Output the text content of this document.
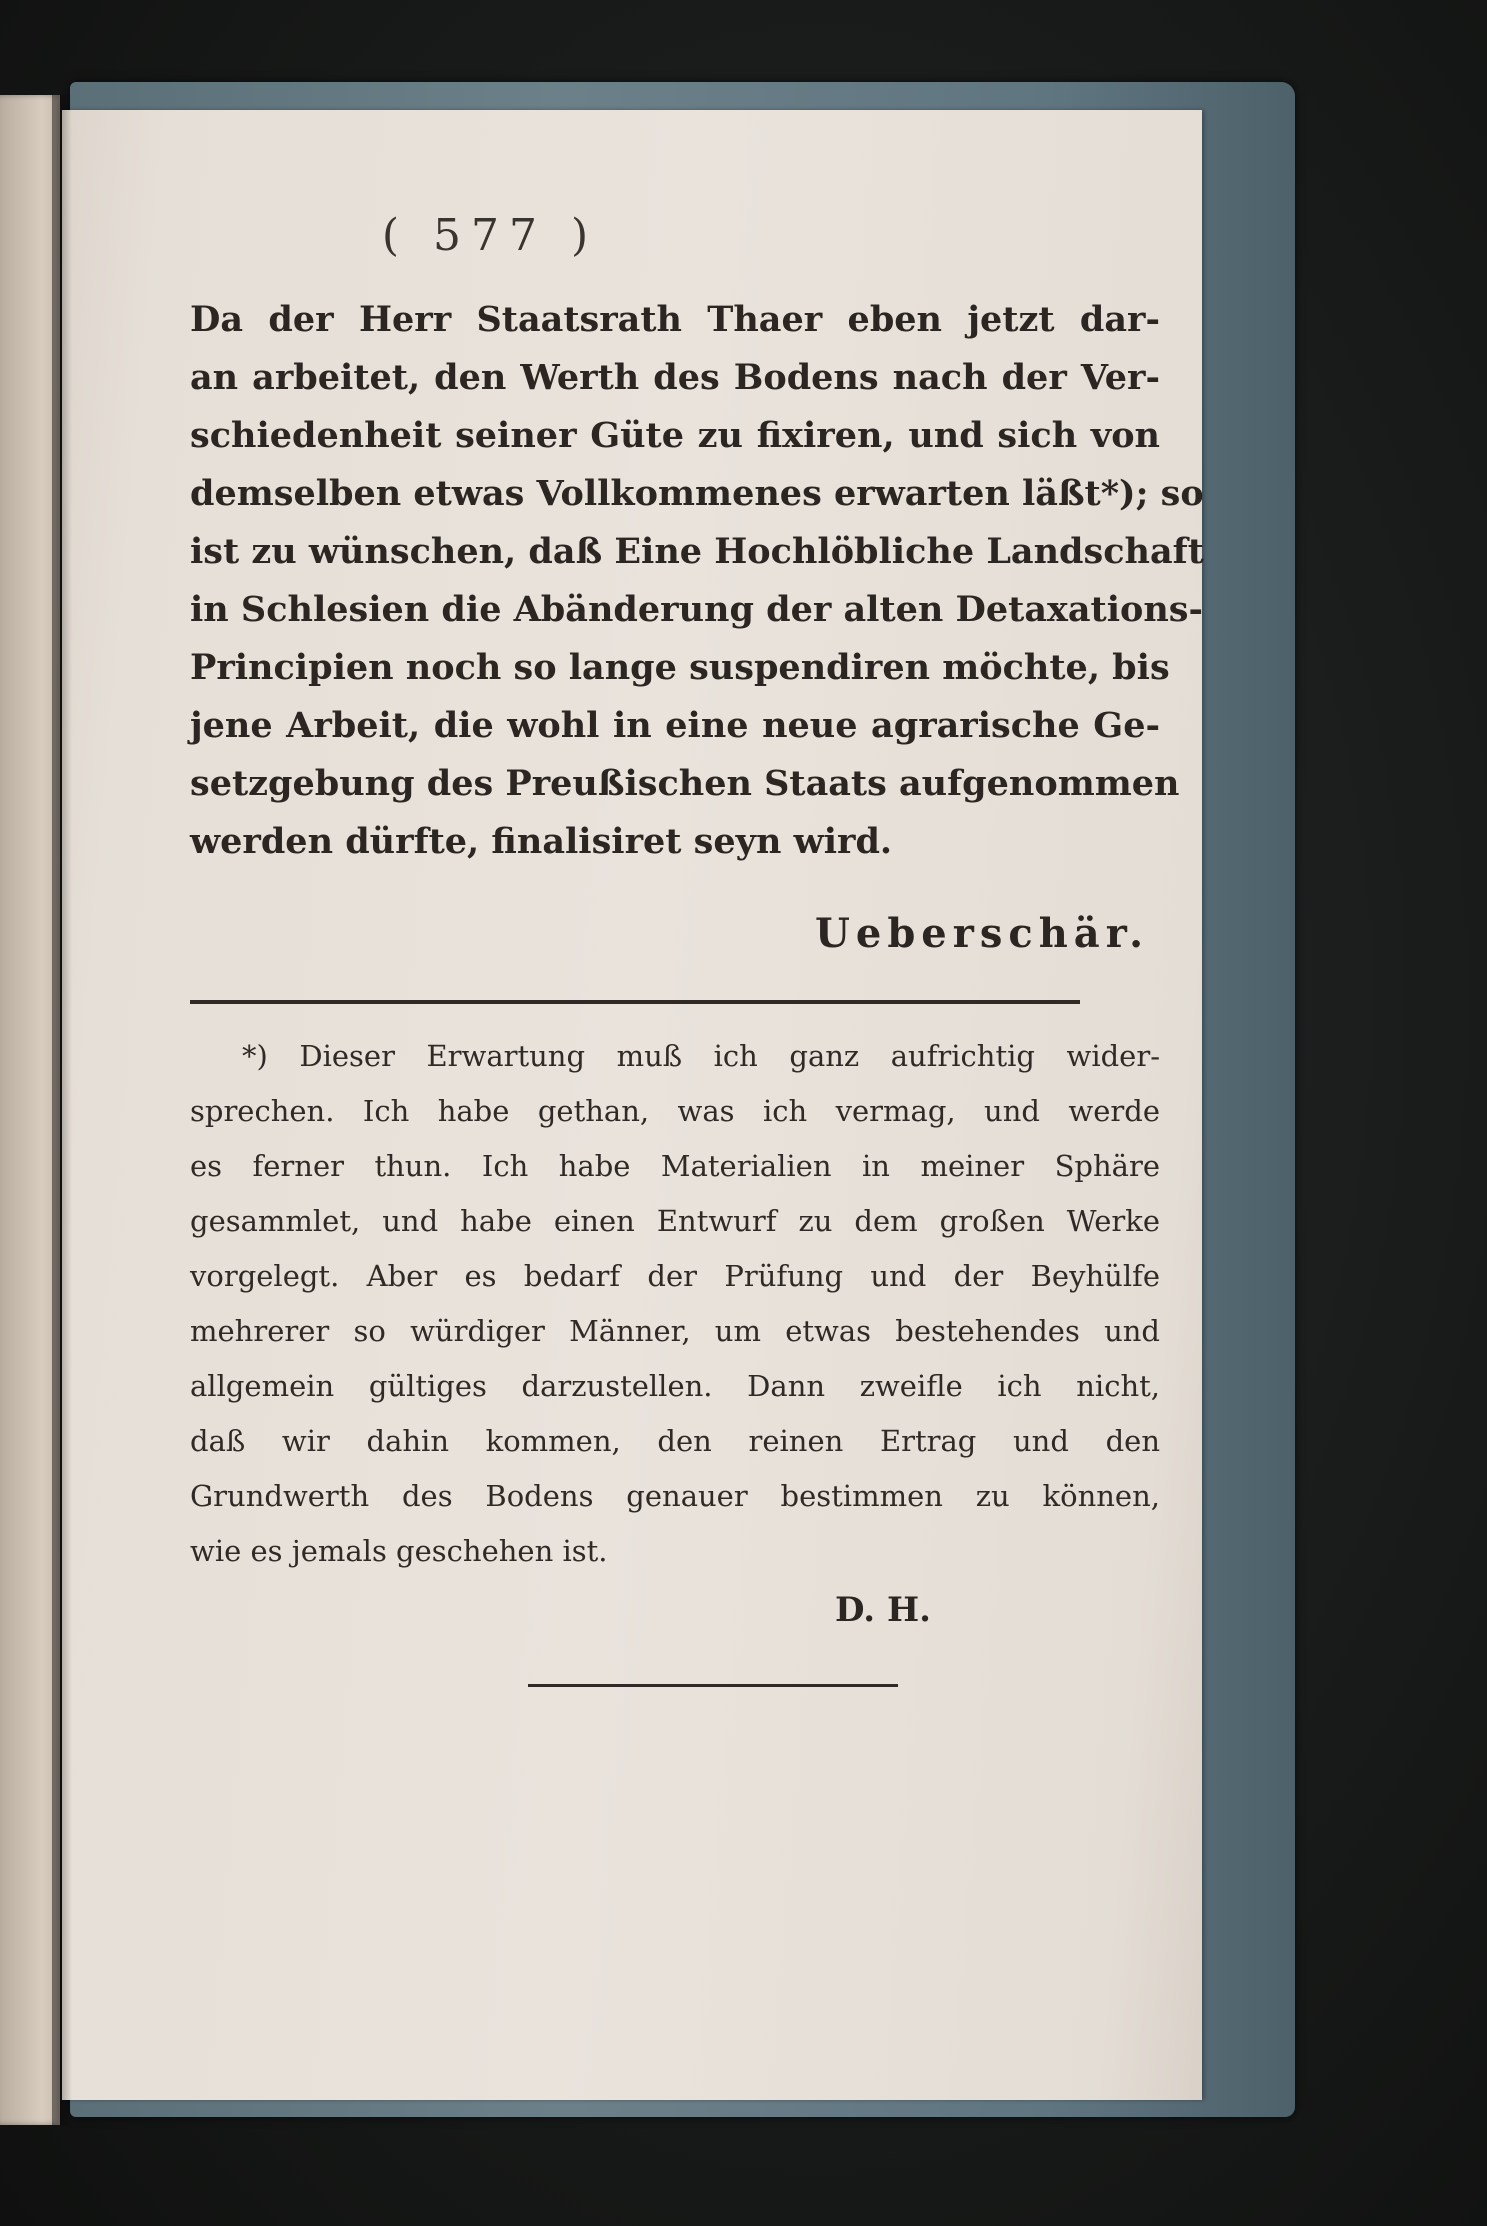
( 577 )
Da der Herr Staatsrath Thaer eben jetzt dar-
an arbeitet, den Werth des Bodens nach der Ver-
schiedenheit seiner Güte zu fixiren, und sich von
demselben etwas Vollkommenes erwarten läßt*); so
ist zu wünschen, daß Eine Hochlöbliche Landschaft
in Schlesien die Abänderung der alten Detaxations-
Principien noch so lange suspendiren möchte, bis
jene Arbeit, die wohl in eine neue agrarische Ge-
setzgebung des Preußischen Staats aufgenommen
werden dürfte, finalisiret seyn wird.
Ueberschär.
*) Dieser Erwartung muß ich ganz aufrichtig wider-
sprechen. Ich habe gethan, was ich vermag, und werde
es ferner thun. Ich habe Materialien in meiner Sphäre
gesammlet, und habe einen Entwurf zu dem großen Werke
vorgelegt. Aber es bedarf der Prüfung und der Beyhülfe
mehrerer so würdiger Männer, um etwas bestehendes und
allgemein gültiges darzustellen. Dann zweifle ich nicht,
daß wir dahin kommen, den reinen Ertrag und den
Grundwerth des Bodens genauer bestimmen zu können,
wie es jemals geschehen ist.
D. H.
